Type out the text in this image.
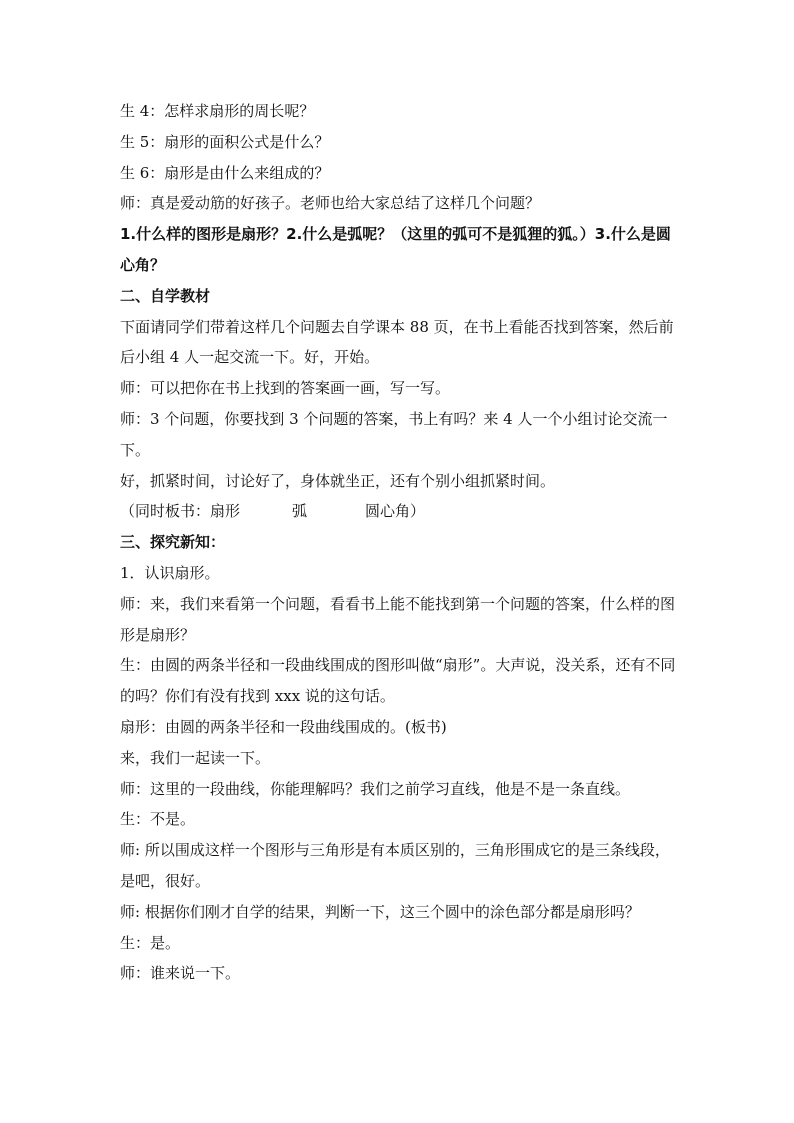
生 4：怎样求扇形的周长呢？

生 5：扇形的面积公式是什么？

生 6：扇形是由什么来组成的？

师：真是爱动筋的好孩子。老师也给大家总结了这样几个问题？

1.什么样的图形是扇形？2.什么是弧呢？（这里的弧可不是狐狸的狐。）3.什么是圆心角？

二、自学教材

下面请同学们带着这样几个问题去自学课本 88 页，在书上看能否找到答案，然后前后小组 4 人一起交流一下。好，开始。

师：可以把你在书上找到的答案画一画，写一写。

师：3 个问题，你要找到 3 个问题的答案，书上有吗？来 4 人一个小组讨论交流一下。

好，抓紧时间，讨论好了，身体就坐正，还有个别小组抓紧时间。

（同时板书：扇形	弧	圆心角）

三、探究新知：

1．认识扇形。

师：来，我们来看第一个问题，看看书上能不能找到第一个问题的答案，什么样的图形是扇形？

生：由圆的两条半径和一段曲线围成的图形叫做“扇形”。大声说，没关系，还有不同的吗？你们有没有找到 xxx 说的这句话。

扇形：由圆的两条半径和一段曲线围成的。(板书)

来，我们一起读一下。

师：这里的一段曲线，你能理解吗？我们之前学习直线，他是不是一条直线。

生：不是。

师: 所以围成这样一个图形与三角形是有本质区别的，三角形围成它的是三条线段，是吧，很好。

师: 根据你们刚才自学的结果，判断一下，这三个圆中的涂色部分都是扇形吗？

生：是。

师：谁来说一下。
